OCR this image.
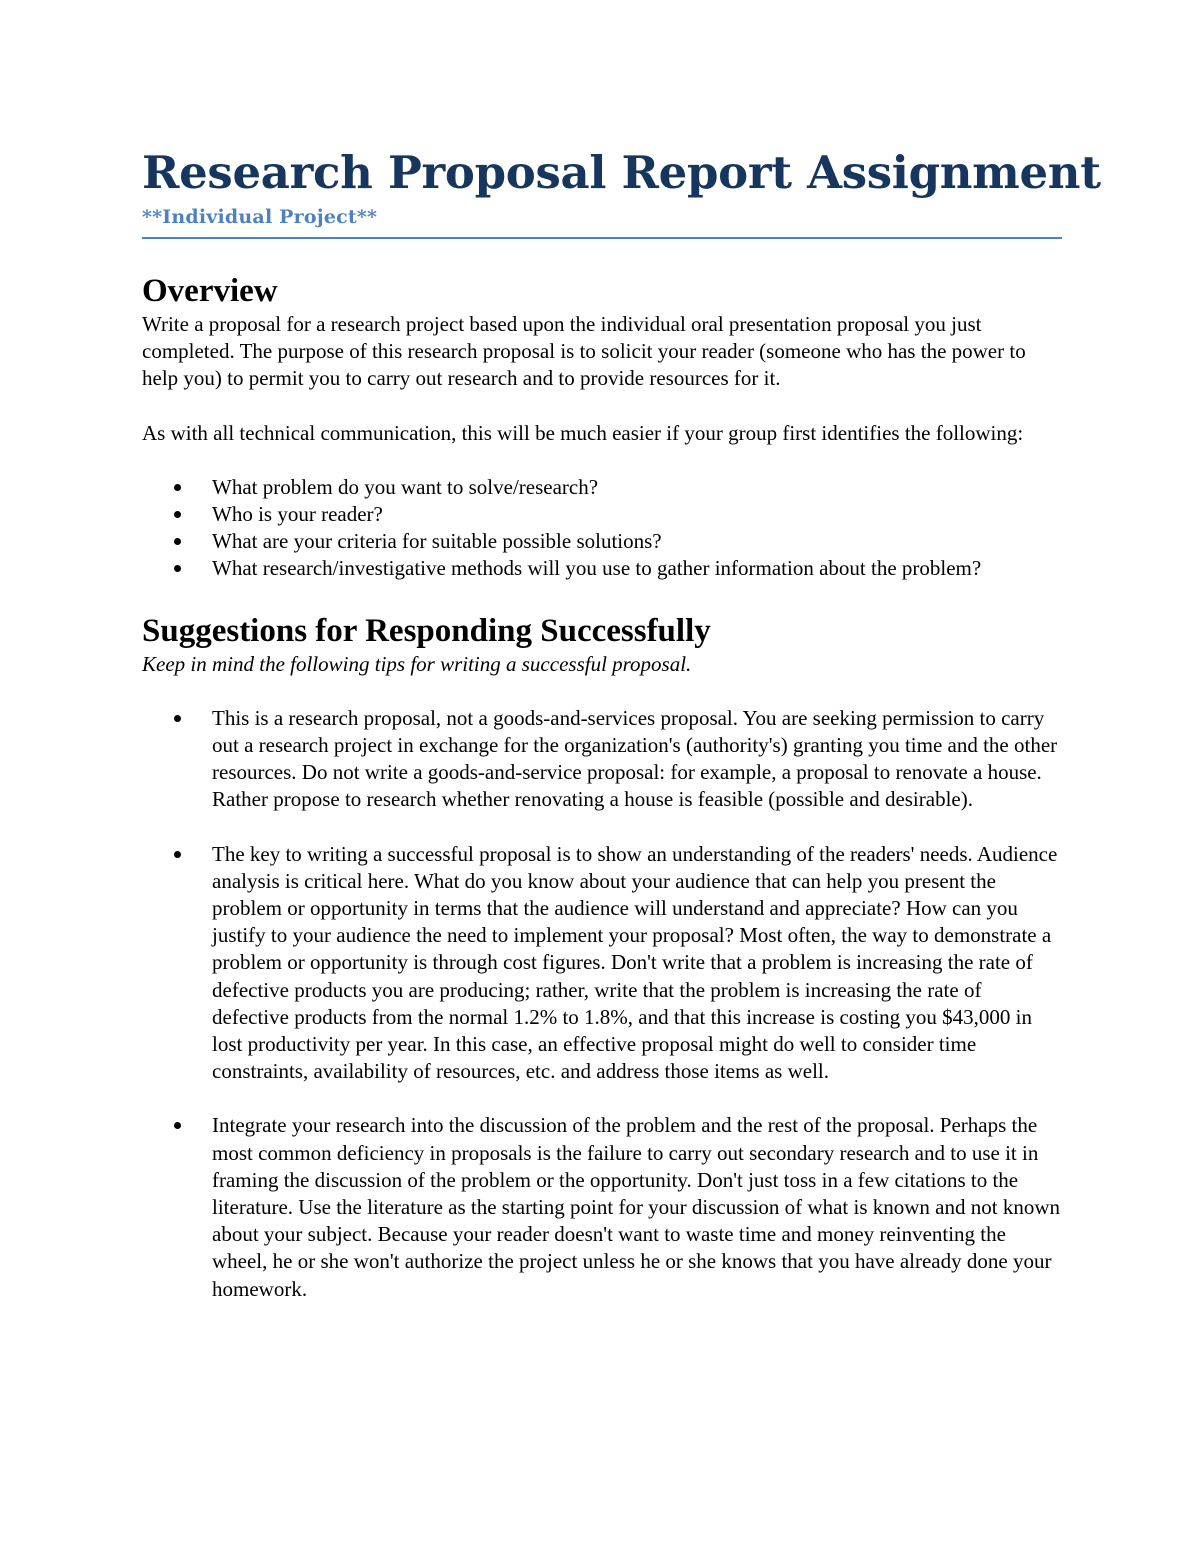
Research Proposal Report Assignment
**Individual Project**
Overview

Write a proposal for a research project based upon the individual oral presentation proposal you just completed. The purpose of this research proposal is to solicit your reader (someone who has the power to help you) to permit you to carry out research and to provide resources for it.

As with all technical communication, this will be much easier if your group first identifies the following:

What problem do you want to solve/research?
Who is your reader?
What are your criteria for suitable possible solutions?
What research/investigative methods will you use to gather information about the problem?
Suggestions for Responding Successfully

Keep in mind the following tips for writing a successful proposal.

This is a research proposal, not a goods-and-services proposal. You are seeking permission to carry out a research project in exchange for the organization's (authority's) granting you time and the other resources. Do not write a goods-and-service proposal: for example, a proposal to renovate a house. Rather propose to research whether renovating a house is feasible (possible and desirable).
The key to writing a successful proposal is to show an understanding of the readers' needs. Audience analysis is critical here. What do you know about your audience that can help you present the problem or opportunity in terms that the audience will understand and appreciate? How can you justify to your audience the need to implement your proposal? Most often, the way to demonstrate a problem or opportunity is through cost figures. Don't write that a problem is increasing the rate of defective products you are producing; rather, write that the problem is increasing the rate of defective products from the normal 1.2% to 1.8%, and that this increase is costing you $43,000 in lost productivity per year. In this case, an effective proposal might do well to consider time constraints, availability of resources, etc. and address those items as well.
Integrate your research into the discussion of the problem and the rest of the proposal. Perhaps the most common deficiency in proposals is the failure to carry out secondary research and to use it in framing the discussion of the problem or the opportunity. Don't just toss in a few citations to the literature. Use the literature as the starting point for your discussion of what is known and not known about your subject. Because your reader doesn't want to waste time and money reinventing the wheel, he or she won't authorize the project unless he or she knows that you have already done your homework.
